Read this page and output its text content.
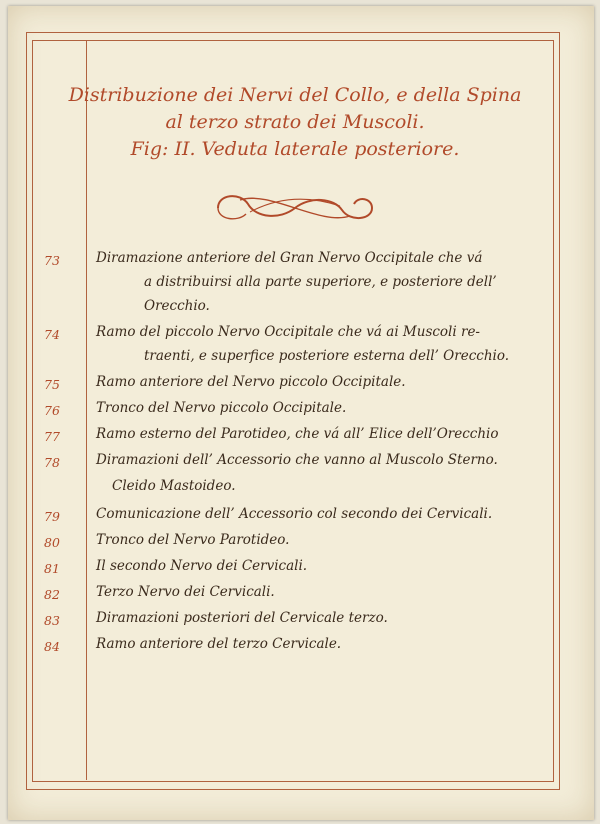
Distribuzione dei Nervi del Collo, e della Spina
al terzo strato dei Muscoli.
Fig: II. Veduta laterale posteriore.
73	Diramazione anteriore del Gran Nervo Occipitale che vá
a distribuirsi alla parte superiore, e posteriore dell’
Orecchio.
74	Ramo del piccolo Nervo Occipitale che vá ai Muscoli re-
traenti, e superfice posteriore esterna dell’ Orecchio.
75	Ramo anteriore del Nervo piccolo Occipitale.
76	Tronco del Nervo piccolo Occipitale.
77	Ramo esterno del Parotideo, che vá all’ Elice dell’Orecchio
78	Diramazioni dell’ Accessorio che vanno al Muscolo Sterno.
Cleido Mastoideo.
79	Comunicazione dell’ Accessorio col secondo dei Cervicali.
80	Tronco del Nervo Parotideo.
81	Il secondo Nervo dei Cervicali.
82	Terzo Nervo dei Cervicali.
83	Diramazioni posteriori del Cervicale terzo.
84	Ramo anteriore del terzo Cervicale.
